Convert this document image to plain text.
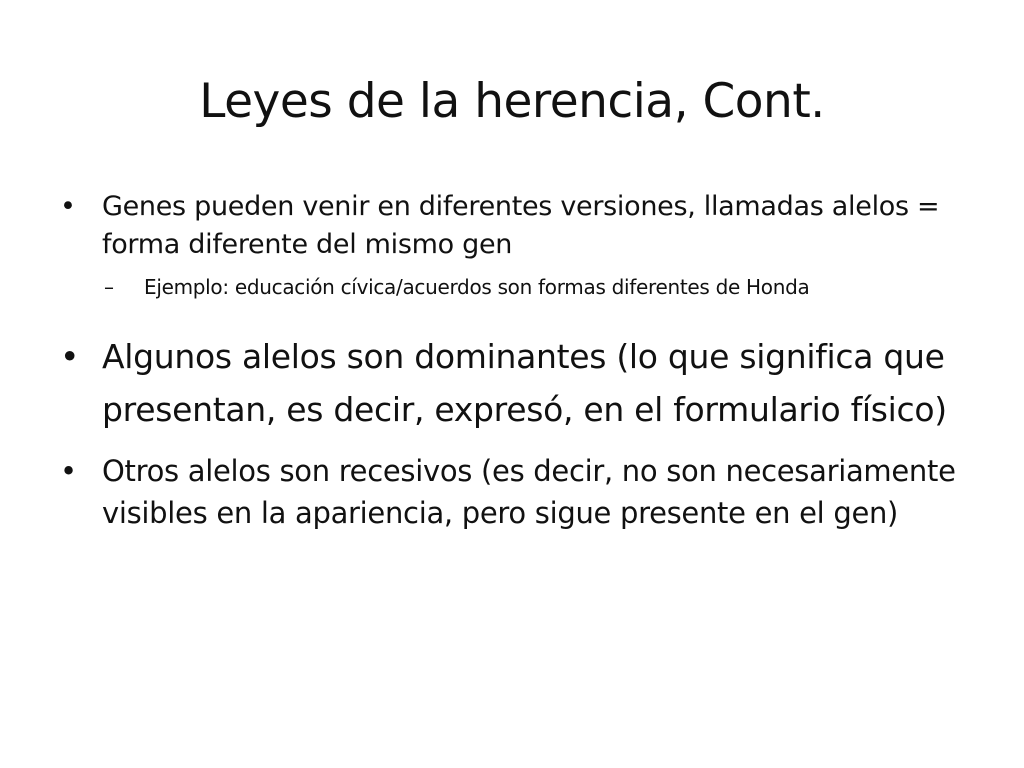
Leyes de la herencia, Cont.
• Genes pueden venir en diferentes versiones, llamadas alelos = forma diferente del mismo gen
– Ejemplo: educación cívica/acuerdos son formas diferentes de Honda
• Algunos alelos son dominantes (lo que significa que presentan, es decir, expresó, en el formulario físico)
• Otros alelos son recesivos (es decir, no son necesariamente visibles en la apariencia, pero sigue presente en el gen)
